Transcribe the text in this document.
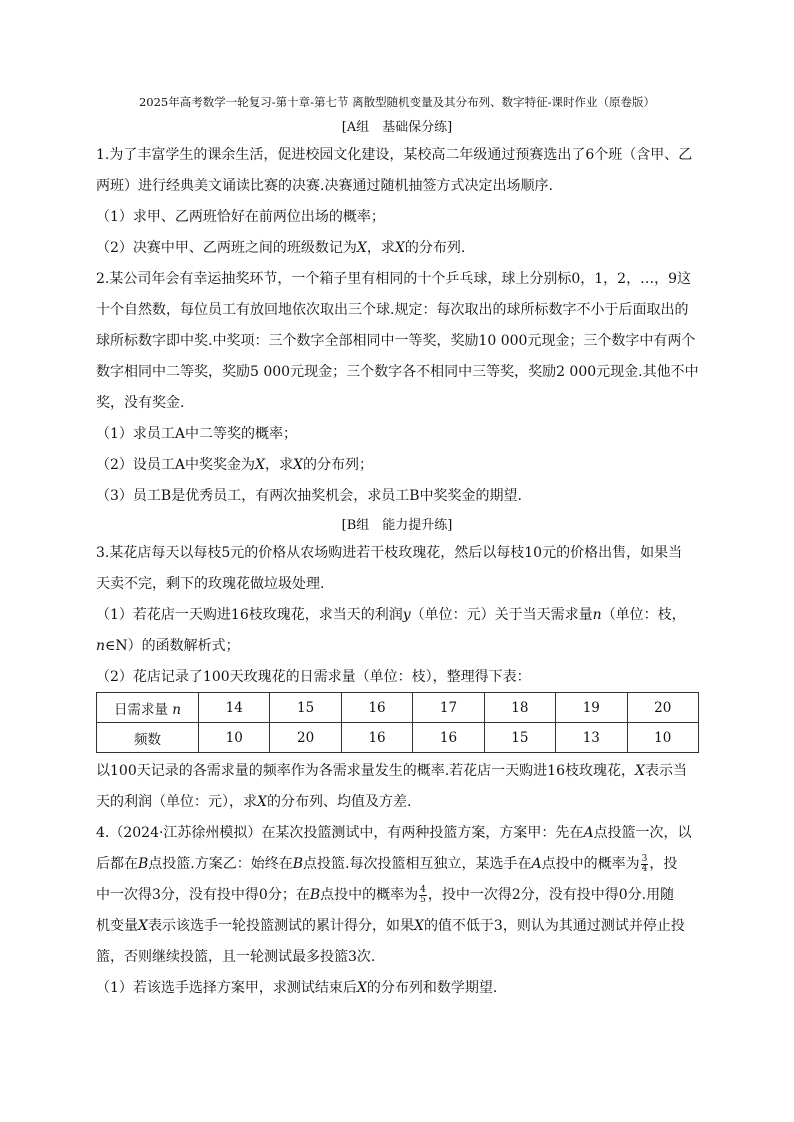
2025年高考数学一轮复习-第十章-第七节 离散型随机变量及其分布列、数字特征-课时作业（原卷版）
[A组　基础保分练]
1.为了丰富学生的课余生活，促进校园文化建设，某校高二年级通过预赛选出了6个班（含甲、乙
两班）进行经典美文诵读比赛的决赛.决赛通过随机抽签方式决定出场顺序.
（1）求甲、乙两班恰好在前两位出场的概率；
（2）决赛中甲、乙两班之间的班级数记为X，求X的分布列.
2.某公司年会有幸运抽奖环节，一个箱子里有相同的十个乒乓球，球上分别标0，1，2，…，9这
十个自然数，每位员工有放回地依次取出三个球.规定：每次取出的球所标数字不小于后面取出的
球所标数字即中奖.中奖项：三个数字全部相同中一等奖，奖励10 000元现金；三个数字中有两个
数字相同中二等奖，奖励5 000元现金；三个数字各不相同中三等奖，奖励2 000元现金.其他不中
奖，没有奖金.
（1）求员工A中二等奖的概率；
（2）设员工A中奖奖金为X，求X的分布列；
（3）员工B是优秀员工，有两次抽奖机会，求员工B中奖奖金的期望.
[B组　能力提升练]
3.某花店每天以每枝5元的价格从农场购进若干枝玫瑰花，然后以每枝10元的价格出售，如果当
天卖不完，剩下的玫瑰花做垃圾处理.
（1）若花店一天购进16枝玫瑰花，求当天的利润y（单位：元）关于当天需求量n（单位：枝，
n∈N）的函数解析式；
（2）花店记录了100天玫瑰花的日需求量（单位：枝），整理得下表：
日需求量 n	14	15	16	17	18	19	20
频数	10	20	16	16	15	13	10
以100天记录的各需求量的频率作为各需求量发生的概率.若花店一天购进16枝玫瑰花，X表示当
天的利润（单位：元），求X的分布列、均值及方差.
4.（2024·江苏徐州模拟）在某次投篮测试中，有两种投篮方案，方案甲：先在A点投篮一次，以
后都在B点投篮.方案乙：始终在B点投篮.每次投篮相互独立，某选手在A点投中的概率为 $\frac{3}{4}$ ，投
中一次得3分，没有投中得0分；在B点投中的概率为 $\frac{4}{5}$ ，投中一次得2分，没有投中得0分.用随
机变量X表示该选手一轮投篮测试的累计得分，如果X的值不低于3，则认为其通过测试并停止投
篮，否则继续投篮，且一轮测试最多投篮3次.
（1）若该选手选择方案甲，求测试结束后X的分布列和数学期望.
